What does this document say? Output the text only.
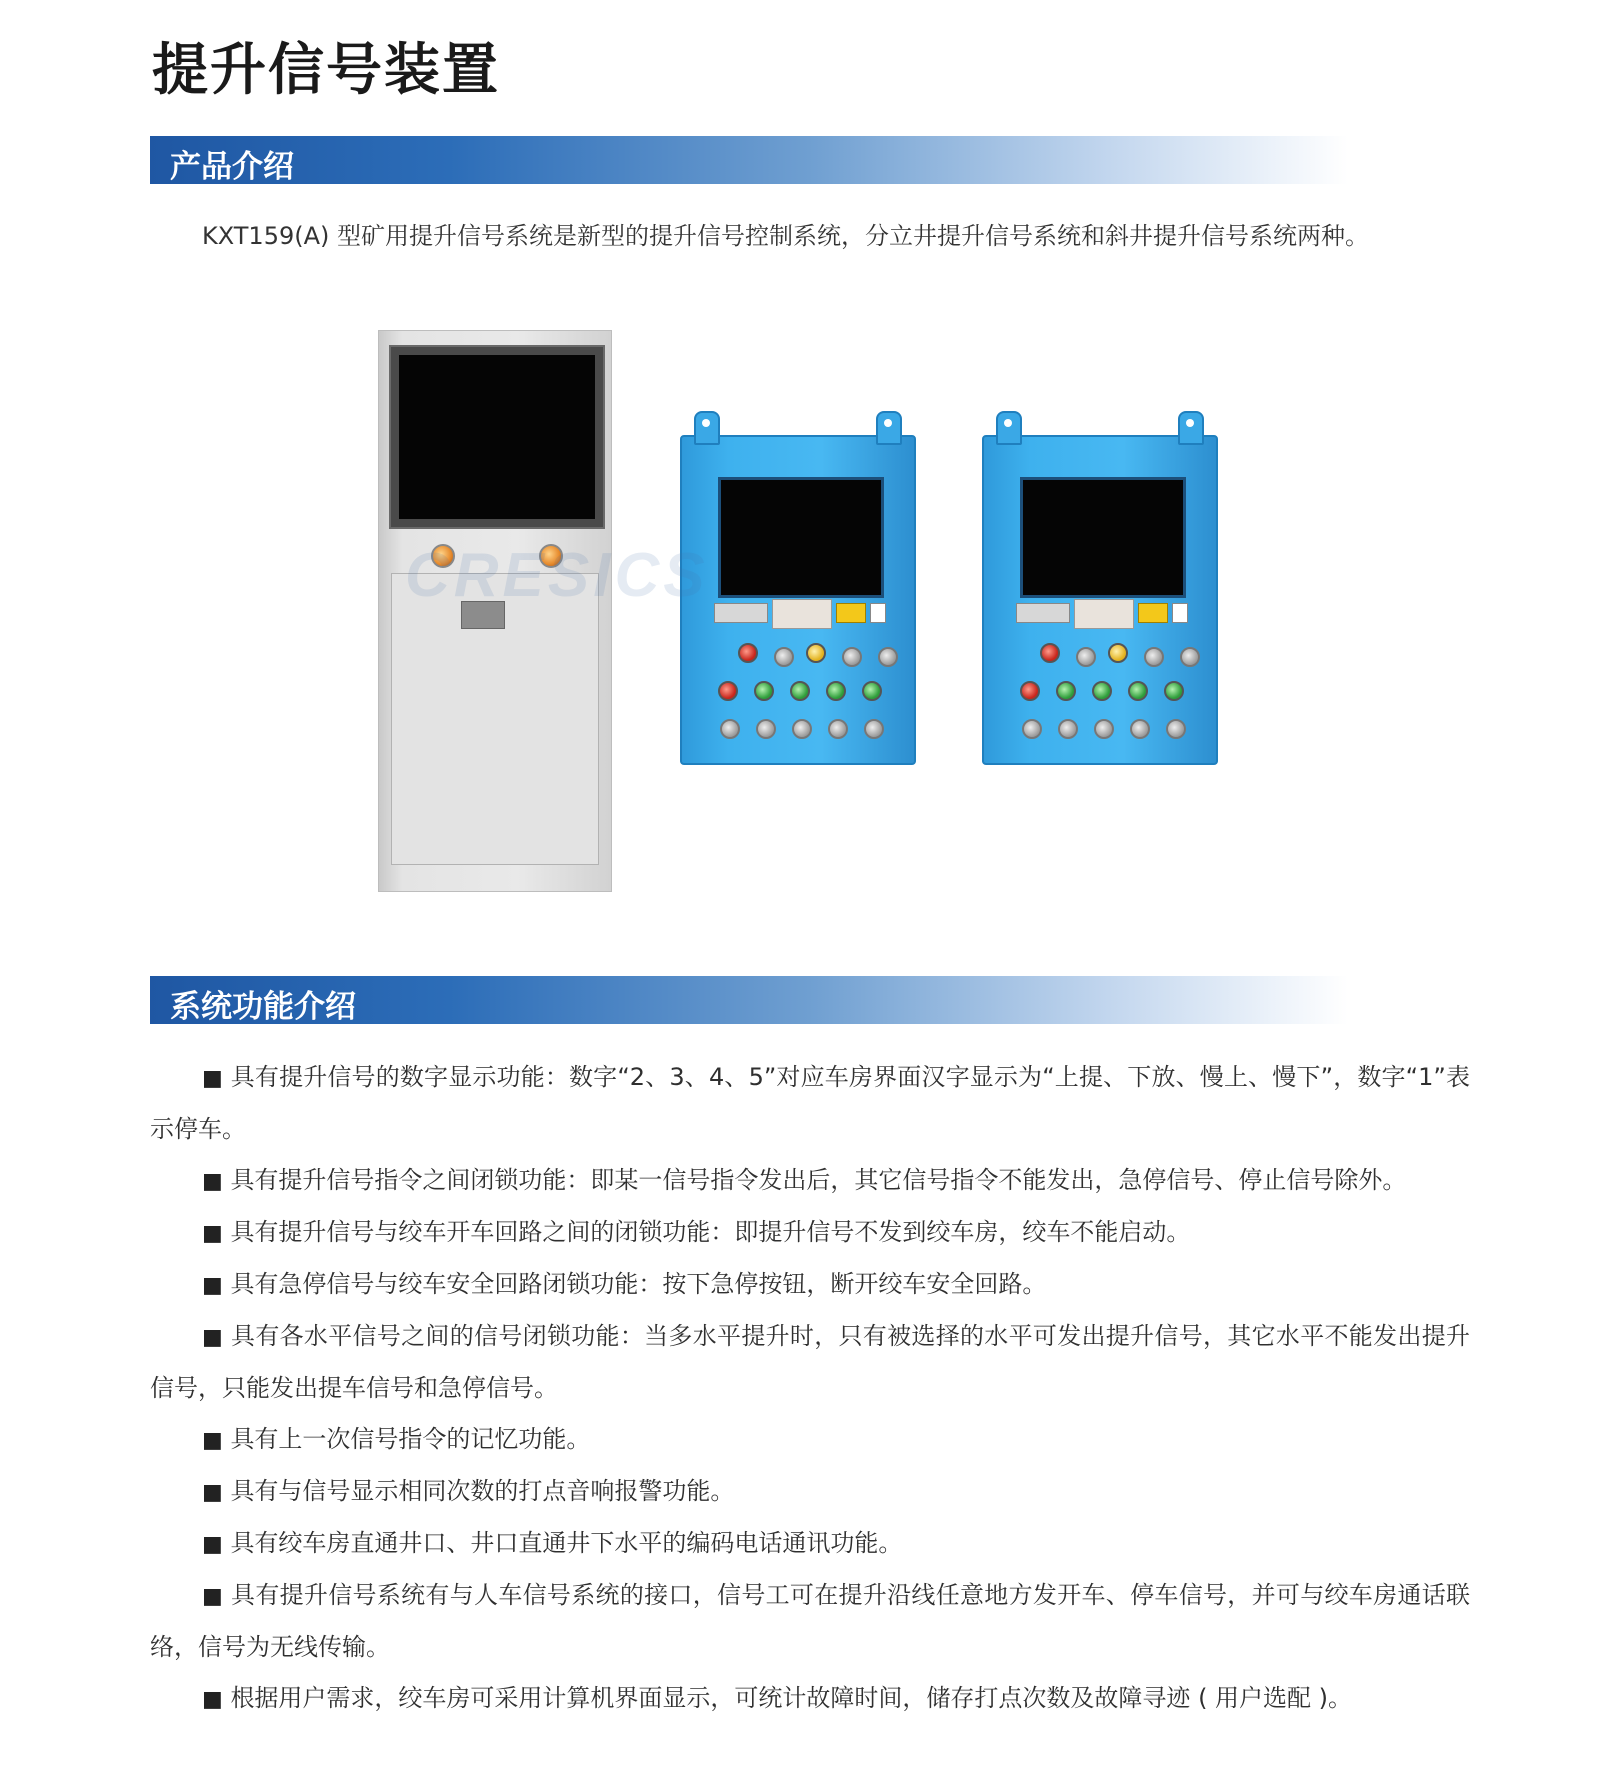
提升信号装置
产品介绍

KXT159(A) 型矿用提升信号系统是新型的提升信号控制系统，分立井提升信号系统和斜井提升信号系统两种。

CRESICS
系统功能介绍

■ 具有提升信号的数字显示功能：数字“2、3、4、5”对应车房界面汉字显示为“上提、下放、慢上、慢下”，数字“1”表示停车。

■ 具有提升信号指令之间闭锁功能：即某一信号指令发出后，其它信号指令不能发出，急停信号、停止信号除外。

■ 具有提升信号与绞车开车回路之间的闭锁功能：即提升信号不发到绞车房，绞车不能启动。

■ 具有急停信号与绞车安全回路闭锁功能：按下急停按钮，断开绞车安全回路。

■ 具有各水平信号之间的信号闭锁功能：当多水平提升时，只有被选择的水平可发出提升信号，其它水平不能发出提升信号，只能发出提车信号和急停信号。

■ 具有上一次信号指令的记忆功能。

■ 具有与信号显示相同次数的打点音响报警功能。

■ 具有绞车房直通井口、井口直通井下水平的编码电话通讯功能。

■ 具有提升信号系统有与人车信号系统的接口，信号工可在提升沿线任意地方发开车、停车信号，并可与绞车房通话联络，信号为无线传输。

■ 根据用户需求，绞车房可采用计算机界面显示，可统计故障时间，储存打点次数及故障寻迹 ( 用户选配 )。
